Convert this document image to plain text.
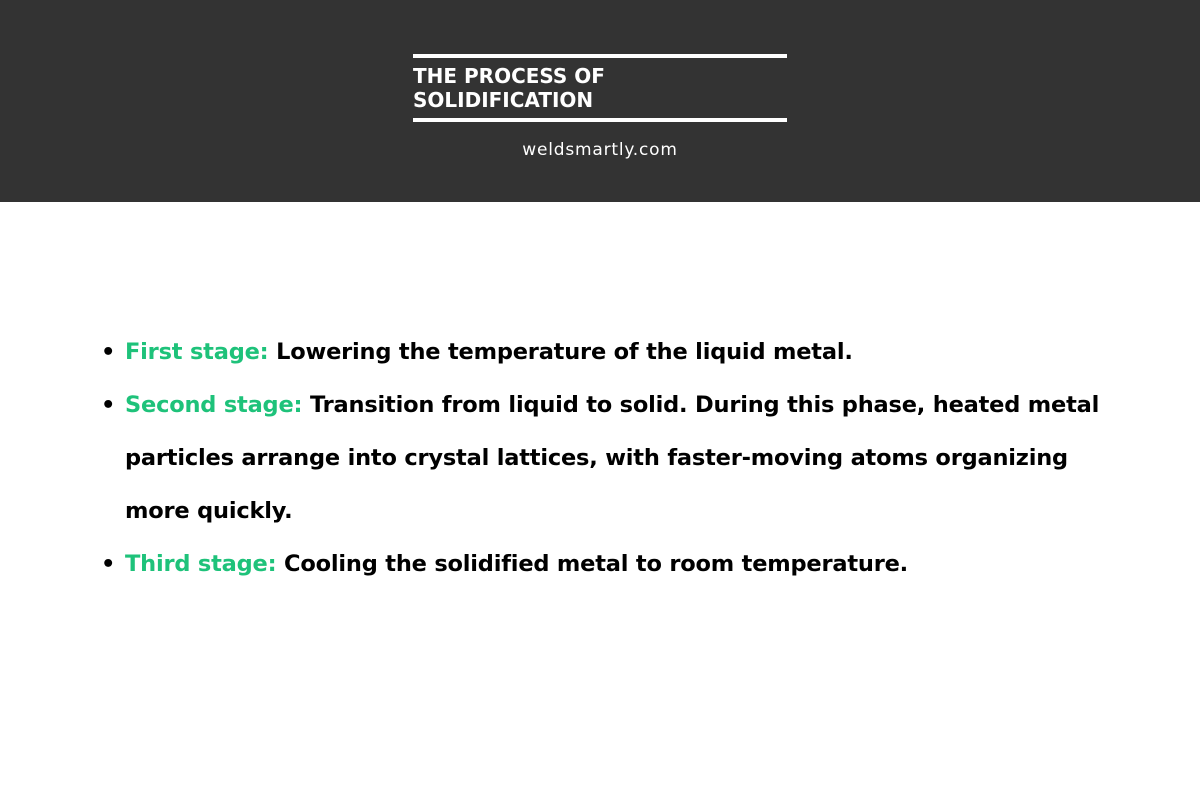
THE PROCESS OF SOLIDIFICATION
weldsmartly.com
• First stage: Lowering the temperature of the liquid metal.
• Second stage: Transition from liquid to solid. During this phase, heated metal particles arrange into crystal lattices, with faster-moving atoms organizing more quickly.
• Third stage: Cooling the solidified metal to room temperature.
